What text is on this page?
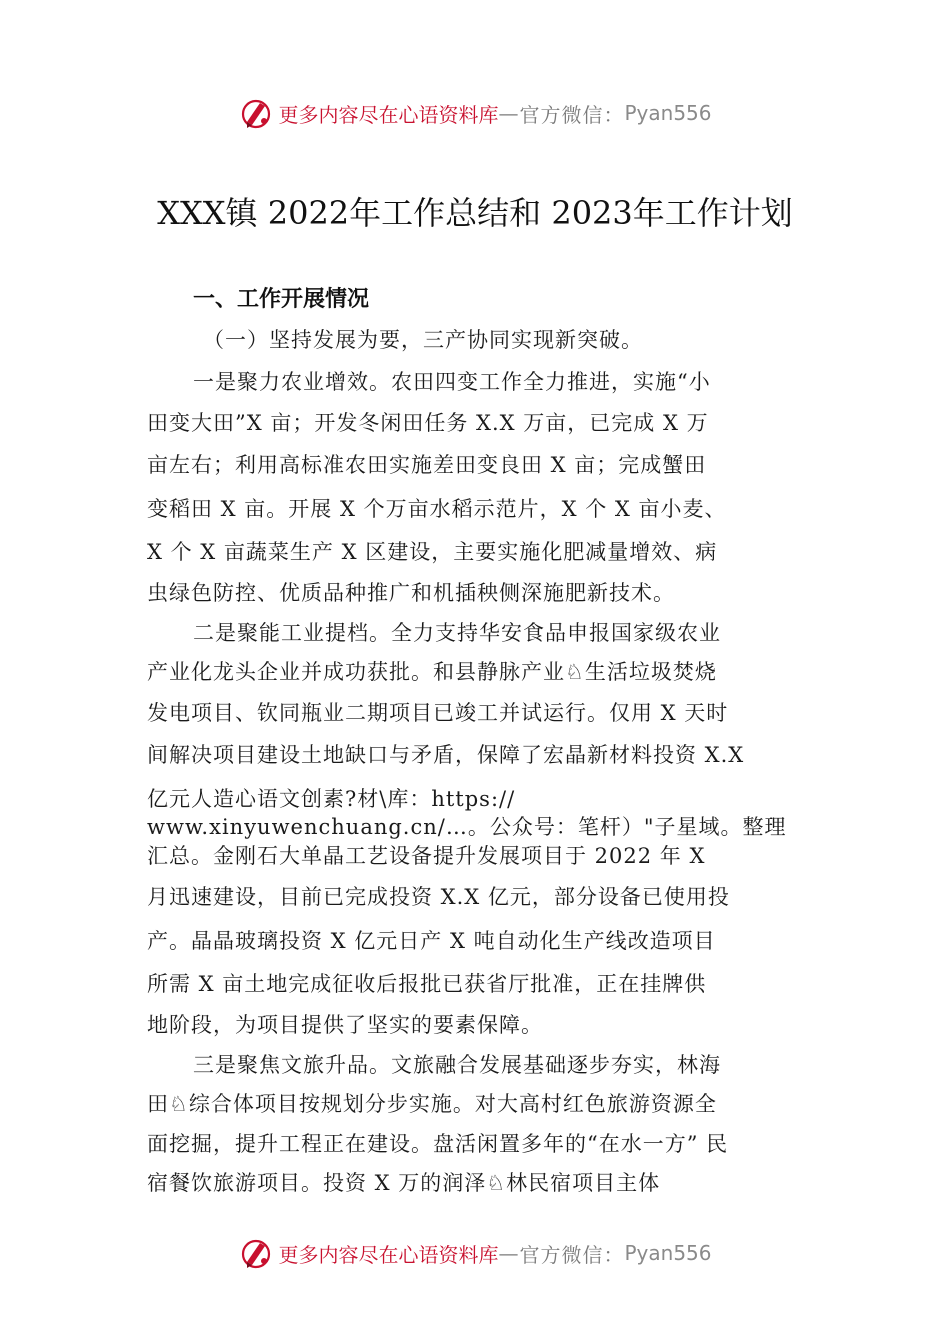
更多内容尽在心语资料库 — 官方微信： Pyan556
XXX镇 2022年工作总结和 2023年工作计划
一、工作开展情况
（一）坚持发展为要，三产协同实现新突破。
一是聚力农业增效。农田四变工作全力推进，实施“小
田变大田”X 亩；开发冬闲田任务 X.X 万亩，已完成 X 万
亩左右；利用高标准农田实施差田变良田 X 亩；完成蟹田
变稻田 X 亩。开展 X 个万亩水稻示范片，X 个 X 亩小麦、
X 个 X 亩蔬菜生产 X 区建设，主要实施化肥减量增效、病
虫绿色防控、优质品种推广和机插秧侧深施肥新技术。
二是聚能工业提档。全力支持华安食品申报国家级农业
产业化龙头企业并成功获批。和县静脉产业♘生活垃圾焚烧
发电项目、钦同瓶业二期项目已竣工并试运行。仅用 X 天时
间解决项目建设土地缺口与矛盾，保障了宏晶新材料投资 X.X
亿元人造心语文创素?材\库：https://
www.xinyuwenchuang.cn/…。公众号：笔杆）"子星域。整理
汇总。金刚石大单晶工艺设备提升发展项目于 2022 年 X
月迅速建设，目前已完成投资 X.X 亿元，部分设备已使用投
产。晶晶玻璃投资 X 亿元日产 X 吨自动化生产线改造项目
所需 X 亩土地完成征收后报批已获省厅批准，正在挂牌供
地阶段，为项目提供了坚实的要素保障。
三是聚焦文旅升品。文旅融合发展基础逐步夯实，林海
田♘综合体项目按规划分步实施。对大高村红色旅游资源全
面挖掘，提升工程正在建设。盘活闲置多年的“在水一方” 民
宿餐饮旅游项目。投资 X 万的润泽♘林民宿项目主体
更多内容尽在心语资料库 — 官方微信： Pyan556
